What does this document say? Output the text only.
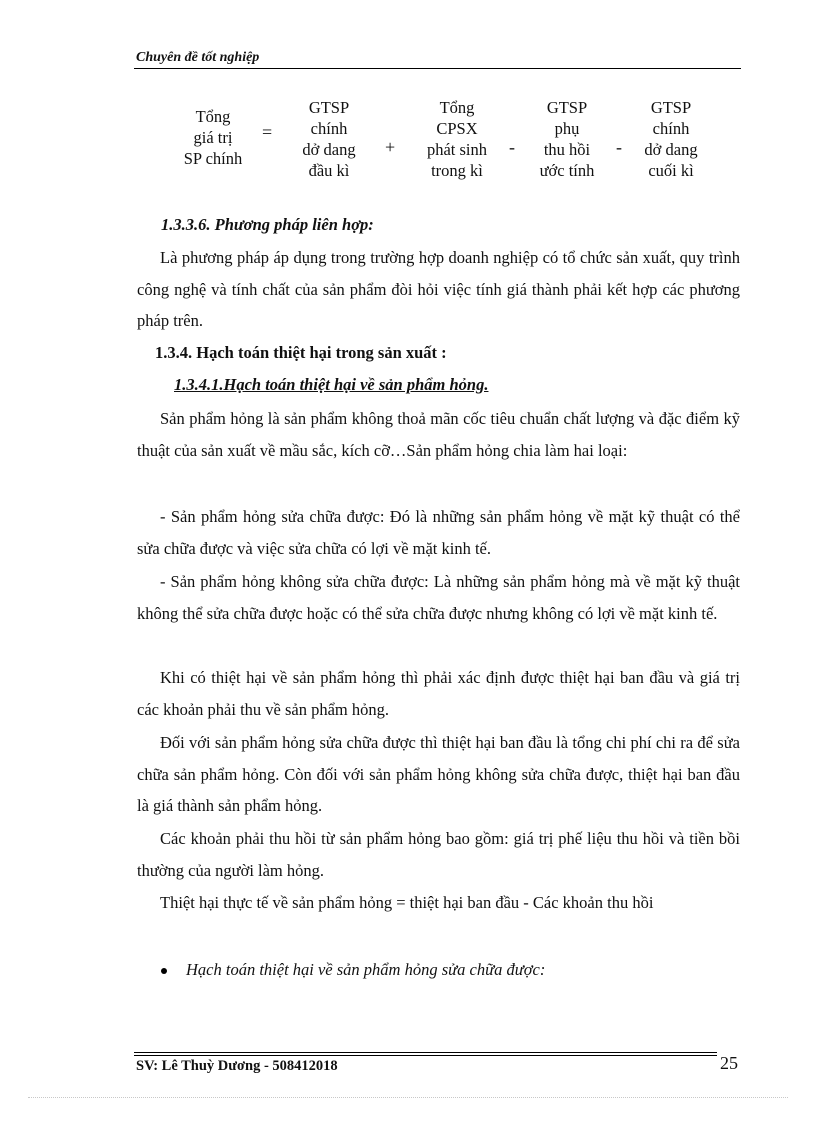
Chuyên đề tốt nghiệp
Tổng
giá trị
SP chính
=
GTSP
chính
dở dang
đầu kì
+
Tổng
CPSX
phát sinh
trong kì
-
GTSP
phụ
thu hồi
ước tính
-
GTSP
chính
dở dang
cuối kì
1.3.3.6. Phương pháp liên hợp:
Là phương pháp áp dụng trong trường hợp doanh nghiệp có tổ chức sản xuất, quy trình công nghệ và tính chất của sản phẩm đòi hỏi việc tính giá thành phải kết hợp các phương pháp trên.
1.3.4. Hạch toán thiệt hại trong sản xuất :
1.3.4.1.Hạch toán thiệt hại về sản phẩm hỏng.
Sản phẩm hỏng là sản phẩm không thoả mãn cốc tiêu chuẩn chất lượng và đặc điểm kỹ thuật của sản xuất về mầu sắc, kích cỡ…Sản phẩm hỏng chia làm hai loại:
- Sản phẩm hỏng sửa chữa được: Đó là những sản phẩm hỏng về mặt kỹ thuật có thể sửa chữa được và việc sửa chữa có lợi về mặt kinh tế.
- Sản phẩm hỏng không sửa chữa được: Là những sản phẩm hỏng mà về mặt kỹ thuật không thể sửa chữa được hoặc có thể sửa chữa được nhưng không có lợi về mặt kinh tế.
Khi có thiệt hại về sản phẩm hỏng thì phải xác định được thiệt hại ban đầu và giá trị các khoản phải thu về sản phẩm hỏng.
Đối với sản phẩm hỏng sửa chữa được thì thiệt hại ban đầu là tổng chi phí chi ra để sửa chữa sản phẩm hỏng. Còn đối với sản phẩm hỏng không sửa chữa được, thiệt hại ban đầu là giá thành sản phẩm hỏng.
Các khoản phải thu hồi từ sản phẩm hỏng bao gồm: giá trị phế liệu thu hồi và tiền bồi thường của người làm hỏng.
Thiệt hại thực tế về sản phẩm hỏng = thiệt hại ban đầu - Các khoản thu hồi
Hạch toán thiệt hại về sản phẩm hỏng sửa chữa được:
SV: Lê Thuỳ Dương - 508412018	25
